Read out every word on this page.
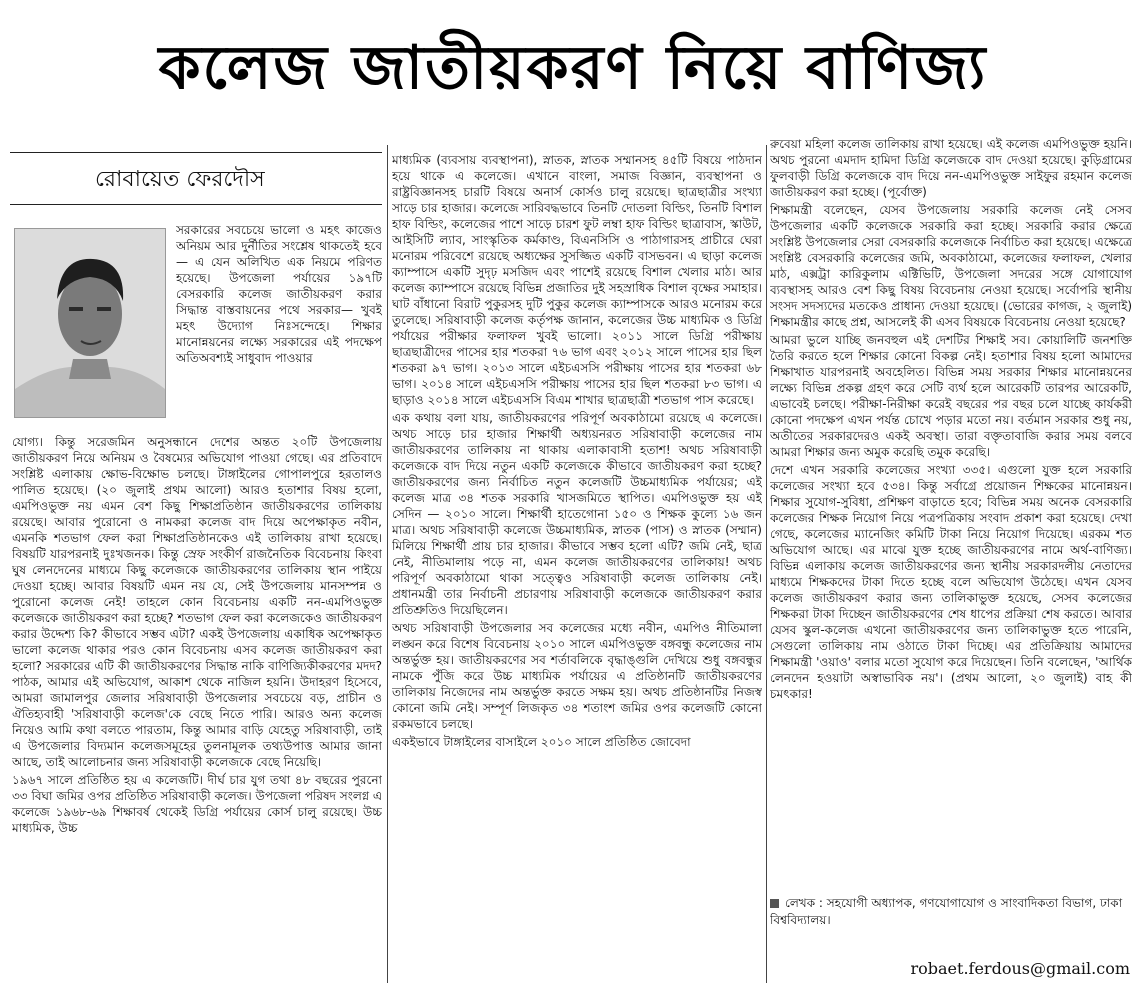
কলেজ জাতীয়করণ নিয়ে বাণিজ্য
রোবায়েত ফেরদৌস
সরকারের সবচেয়ে ভালো ও মহৎ কাজেও অনিয়ম আর দুর্নীতির সংশ্লেষ থাকতেই হবে— এ যেন অলিখিত এক নিয়মে পরিণত হয়েছে। উপজেলা পর্যায়ের ১৯৭টি বেসরকারি কলেজ জাতীয়করণ করার সিদ্ধান্ত বাস্তবায়নের পথে সরকার— খুবই মহৎ উদ্যোগ নিঃসন্দেহে। শিক্ষার মানোন্নয়নের লক্ষ্যে সরকারের এই পদক্ষেপ অতিঅবশ্যই সাধুবাদ পাওয়ার

যোগ্য। কিন্তু সরেজমিন অনুসন্ধানে দেশের অন্তত ২০টি উপজেলায় জাতীয়করণ নিয়ে অনিয়ম ও বৈষম্যের অভিযোগ পাওয়া গেছে। এর প্রতিবাদে সংশ্লিষ্ট এলাকায় ক্ষোভ-বিক্ষোভ চলছে। টাঙ্গাইলের গোপালপুরে হরতালও পালিত হয়েছে। (২০ জুলাই প্রথম আলো) আরও হতাশার বিষয় হলো, এমপিওভুক্ত নয় এমন বেশ কিছু শিক্ষাপ্রতিষ্ঠান জাতীয়করণের তালিকায় রয়েছে। আবার পুরোনো ও নামকরা কলেজ বাদ দিয়ে অপেক্ষাকৃত নবীন, এমনকি শতভাগ ফেল করা শিক্ষাপ্রতিষ্ঠানকেও এই তালিকায় রাখা হয়েছে। বিষয়টি যারপরনাই দুঃখজনক। কিন্তু স্রেফ সংকীর্ণ রাজনৈতিক বিবেচনায় কিংবা ঘুষ লেনদেনের মাধ্যমে কিছু কলেজকে জাতীয়করণের তালিকায় স্থান পাইয়ে দেওয়া হচ্ছে। আবার বিষয়টি এমন নয় যে, সেই উপজেলায় মানসম্পন্ন ও পুরোনো কলেজ নেই! তাহলে কোন বিবেচনায় একটি নন-এমপিওভুক্ত কলেজকে জাতীয়করণ করা হচ্ছে? শতভাগ ফেল করা কলেজকেও জাতীয়করণ করার উদ্দেশ্য কি? কীভাবে সম্ভব এটা? একই উপজেলায় একাধিক অপেক্ষাকৃত ভালো কলেজ থাকার পরও কোন বিবেচনায় এসব কলেজ জাতীয়করণ করা হলো? সরকারের এটি কী জাতীয়করণের সিদ্ধান্ত নাকি বাণিজ্যিকীকরণের মদদ? পাঠক, আমার এই অভিযোগ, আকাশ থেকে নাজিল হয়নি। উদাহরণ হিসেবে, আমরা জামালপুর জেলার সরিষাবাড়ী উপজেলার সবচেয়ে বড়, প্রাচীন ও ঐতিহ্যবাহী 'সরিষাবাড়ী কলেজ'কে বেছে নিতে পারি। আরও অন্য কলেজ নিয়েও আমি কথা বলতে পারতাম, কিন্তু আমার বাড়ি যেহেতু সরিষাবাড়ী, তাই এ উপজেলার বিদ্যমান কলেজসমূহের তুলনামূলক তথ্যউপাত্ত আমার জানা আছে, তাই আলোচনার জন্য সরিষাবাড়ী কলেজকে বেছে নিয়েছি।

১৯৬৭ সালে প্রতিষ্ঠিত হয় এ কলেজটি। দীর্ঘ চার যুগ তথা ৪৮ বছরের পুরনো ৩৩ বিঘা জমির ওপর প্রতিষ্ঠিত সরিষাবাড়ী কলেজ। উপজেলা পরিষদ সংলগ্ন এ কলেজে ১৯৬৮-৬৯ শিক্ষাবর্ষ থেকেই ডিগ্রি পর্যায়ের কোর্স চালু রয়েছে। উচ্চ মাধ্যমিক, উচ্চ

মাধ্যমিক (ব্যবসায় ব্যবস্থাপনা), স্নাতক, স্নাতক সম্মানসহ ৪৫টি বিষয়ে পাঠদান হয়ে থাকে এ কলেজে। এখানে বাংলা, সমাজ বিজ্ঞান, ব্যবস্থাপনা ও রাষ্ট্রবিজ্ঞানসহ চারটি বিষয়ে অনার্স কোর্সও চালু রয়েছে। ছাত্রছাত্রীর সংখ্যা সাড়ে চার হাজার। কলেজে সারিবদ্ধভাবে তিনটি দোতলা বিল্ডিং, তিনটি বিশাল হাফ বিল্ডিং, কলেজের পাশে সাড়ে চারশ ফুট লম্বা হাফ বিল্ডিং ছাত্রাবাস, স্কাউট, আইসিটি ল্যাব, সাংস্কৃতিক কর্মকাণ্ড, বিএনসিসি ও পাঠাগারসহ প্রাচীরে ঘেরা মনোরম পরিবেশে রয়েছে অধ্যক্ষের সুসজ্জিত একটি বাসভবন। এ ছাড়া কলেজ ক্যাম্পাসে একটি সুদৃঢ় মসজিদ এবং পাশেই রয়েছে বিশাল খেলার মাঠ। আর কলেজ ক্যাম্পাসে রয়েছে বিভিন্ন প্রজাতির দুই সহস্রাধিক বিশাল বৃক্ষের সমাহার। ঘাট বাঁধানো বিরাট পুকুরসহ দুটি পুকুর কলেজ ক্যাম্পাসকে আরও মনোরম করে তুলেছে। সরিষাবাড়ী কলেজ কর্তৃপক্ষ জানান, কলেজের উচ্চ মাধ্যমিক ও ডিগ্রি পর্যায়ের পরীক্ষার ফলাফল খুবই ভালো। ২০১১ সালে ডিগ্রি পরীক্ষায় ছাত্রছাত্রীদের পাসের হার শতকরা ৭৬ ভাগ এবং ২০১২ সালে পাসের হার ছিল শতকরা ৯৭ ভাগ। ২০১৩ সালে এইচএসসি পরীক্ষায় পাসের হার শতকরা ৬৮ ভাগ। ২০১৪ সালে এইচএসসি পরীক্ষায় পাসের হার ছিল শতকরা ৮৩ ভাগ। এ ছাড়াও ২০১৪ সালে এইচএসসি বিএম শাখার ছাত্রছাত্রী শতভাগ পাস করেছে।

এক কথায় বলা যায়, জাতীয়করণের পরিপূর্ণ অবকাঠামো রয়েছে এ কলেজে। অথচ সাড়ে চার হাজার শিক্ষার্থী অধ্যয়নরত সরিষাবাড়ী কলেজের নাম জাতীয়করণের তালিকায় না থাকায় এলাকাবাসী হতাশ! অথচ সরিষাবাড়ী কলেজকে বাদ দিয়ে নতুন একটি কলেজকে কীভাবে জাতীয়করণ করা হচ্ছে? জাতীয়করণের জন্য নির্বাচিত নতুন কলেজটি উচ্চমাধ্যমিক পর্যায়ের; এই কলেজ মাত্র ৩৪ শতক সরকারি খাসজমিতে স্থাপিত। এমপিওভুক্ত হয় এই সেদিন — ২০১০ সালে। শিক্ষার্থী হাতেগোনা ১৫০ ও শিক্ষক কুল্যে ১৬ জন মাত্র। অথচ সরিষাবাড়ী কলেজে উচ্চমাধ্যমিক, স্নাতক (পাস) ও স্নাতক (সম্মান) মিলিয়ে শিক্ষার্থী প্রায় চার হাজার। কীভাবে সম্ভব হলো এটি? জমি নেই, ছাত্র নেই, নীতিমালায় পড়ে না, এমন কলেজ জাতীয়করণের তালিকায়! অথচ পরিপূর্ণ অবকাঠামো থাকা সত্ত্বেও সরিষাবাড়ী কলেজ তালিকায় নেই। প্রধানমন্ত্রী তার নির্বাচনী প্রচারণায় সরিষাবাড়ী কলেজকে জাতীয়করণ করার প্রতিশ্রুতিও দিয়েছিলেন।

অথচ সরিষাবাড়ী উপজেলার সব কলেজের মধ্যে নবীন, এমপিও নীতিমালা লঙ্ঘন করে বিশেষ বিবেচনায় ২০১০ সালে এমপিওভুক্ত বঙ্গবন্ধু কলেজের নাম অন্তর্ভুক্ত হয়। জাতীয়করণের সব শর্তাবলিকে বৃদ্ধাঙ্গুলি দেখিয়ে শুধু বঙ্গবন্ধুর নামকে পুঁজি করে উচ্চ মাধ্যমিক পর্যায়ের এ প্রতিষ্ঠানটি জাতীয়করণের তালিকায় নিজেদের নাম অন্তর্ভুক্ত করতে সক্ষম হয়। অথচ প্রতিষ্ঠানটির নিজস্ব কোনো জমি নেই। সম্পূর্ণ লিজকৃত ৩৪ শতাংশ জমির ওপর কলেজটি কোনো রকমভাবে চলছে।

একইভাবে টাঙ্গাইলের বাসাইলে ২০১০ সালে প্রতিষ্ঠিত জোবেদা

রুবেয়া মহিলা কলেজ তালিকায় রাখা হয়েছে। এই কলেজ এমপিওভুক্ত হয়নি। অথচ পুরনো এমদাদ হামিদা ডিগ্রি কলেজকে বাদ দেওয়া হয়েছে। কুড়িগ্রামের ফুলবাড়ী ডিগ্রি কলেজকে বাদ দিয়ে নন-এমপিওভুক্ত সাইফুর রহমান কলেজ জাতীয়করণ করা হচ্ছে। (পূর্বোক্ত)

শিক্ষামন্ত্রী বলেছেন, যেসব উপজেলায় সরকারি কলেজ নেই সেসব উপজেলার একটি কলেজকে সরকারি করা হচ্ছে। সরকারি করার ক্ষেত্রে সংশ্লিষ্ট উপজেলার সেরা বেসরকারি কলেজকে নির্বাচিত করা হয়েছে। এক্ষেত্রে সংশ্লিষ্ট বেসরকারি কলেজের জমি, অবকাঠামো, কলেজের ফলাফল, খেলার মাঠ, এক্সট্রা কারিকুলাম এক্টিভিটি, উপজেলা সদরের সঙ্গে যোগাযোগ ব্যবস্থাসহ আরও বেশ কিছু বিষয় বিবেচনায় নেওয়া হয়েছে। সর্বোপরি স্থানীয় সংসদ সদস্যদের মতকেও প্রাধান্য দেওয়া হয়েছে। (ভোরের কাগজ, ২ জুলাই) শিক্ষামন্ত্রীর কাছে প্রশ্ন, আসলেই কী এসব বিষয়কে বিবেচনায় নেওয়া হয়েছে?

আমরা ভুলে যাচ্ছি জনবহুল এই দেশটির শিক্ষাই সব। কোয়ালিটি জনশক্তি তৈরি করতে হলে শিক্ষার কোনো বিকল্প নেই। হতাশার বিষয় হলো আমাদের শিক্ষাখাত যারপরনাই অবহেলিত। বিভিন্ন সময় সরকার শিক্ষার মানোন্নয়নের লক্ষ্যে বিভিন্ন প্রকল্প গ্রহণ করে সেটি ব্যর্থ হলে আরেকটি তারপর আরেকটি, এভাবেই চলছে। পরীক্ষা-নিরীক্ষা করেই বছরের পর বছর চলে যাচ্ছে কার্যকরী কোনো পদক্ষেপ এখন পর্যন্ত চোখে পড়ার মতো নয়। বর্তমান সরকার শুধু নয়, অতীতের সরকারদেরও একই অবস্থা। তারা বক্তৃতাবাজি করার সময় বলবে আমরা শিক্ষার জন্য অমুক করেছি তমুক করেছি।

দেশে এখন সরকারি কলেজের সংখ্যা ৩৩৫। এগুলো যুক্ত হলে সরকারি কলেজের সংখ্যা হবে ৫৩৪। কিন্তু সর্বাগ্রে প্রয়োজন শিক্ষকের মানোন্নয়ন। শিক্ষার সুযোগ-সুবিধা, প্রশিক্ষণ বাড়াতে হবে; বিভিন্ন সময় অনেক বেসরকারি কলেজের শিক্ষক নিয়োগ নিয়ে পত্রপত্রিকায় সংবাদ প্রকাশ করা হয়েছে। দেখা গেছে, কলেজের ম্যানেজিং কমিটি টাকা নিয়ে নিয়োগ দিয়েছে। এরকম শত অভিযোগ আছে। এর মাঝে যুক্ত হচ্ছে জাতীয়করণের নামে অর্থ-বাণিজ্য। বিভিন্ন এলাকায় কলেজ জাতীয়করণের জন্য স্থানীয় সরকারদলীয় নেতাদের মাধ্যমে শিক্ষকদের টাকা দিতে হচ্ছে বলে অভিযোগ উঠেছে। এখন যেসব কলেজ জাতীয়করণ করার জন্য তালিকাভুক্ত হয়েছে, সেসব কলেজের শিক্ষকরা টাকা দিচ্ছেন জাতীয়করণের শেষ ধাপের প্রক্রিয়া শেষ করতে। আবার যেসব স্কুল-কলেজ এখনো জাতীয়করণের জন্য তালিকাভুক্ত হতে পারেনি, সেগুলো তালিকায় নাম ওঠাতে টাকা দিচ্ছে। এর প্রতিক্রিয়ায় আমাদের শিক্ষামন্ত্রী 'ওয়াও' বলার মতো সুযোগ করে দিয়েছেন। তিনি বলেছেন, 'আর্থিক লেনদেন হওয়াটা অস্বাভাবিক নয়'। (প্রথম আলো, ২০ জুলাই) বাহ কী চমৎকার!

লেখক : সহযোগী অধ্যাপক, গণযোগাযোগ ও সাংবাদিকতা বিভাগ, ঢাকা বিশ্ববিদ্যালয়।
robaet.ferdous@gmail.com
